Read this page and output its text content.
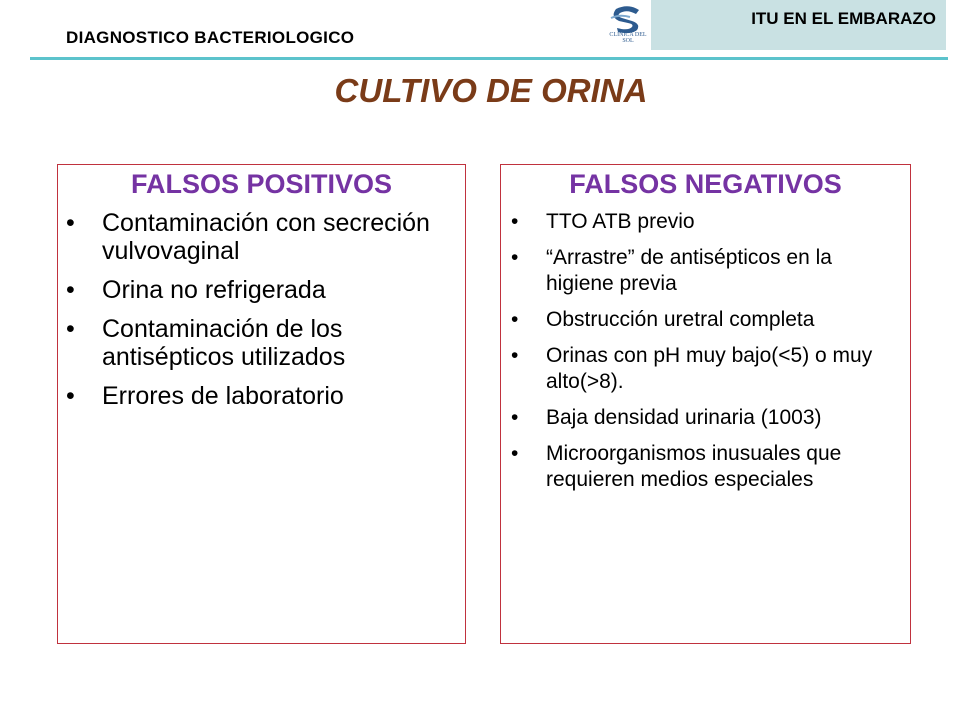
DIAGNOSTICO BACTERIOLOGICO	CLINICA DEL SOL
ITU EN EL EMBARAZO
CULTIVO DE ORINA
FALSOS POSITIVOS
• Contaminación con secreción vulvovaginal
• Orina no refrigerada
• Contaminación de los antisépticos utilizados
• Errores de laboratorio
FALSOS NEGATIVOS
• TTO ATB previo
• “Arrastre” de antisépticos en la higiene previa
• Obstrucción uretral completa
• Orinas con pH muy bajo(<5) o muy alto(>8).
• Baja densidad urinaria (1003)
• Microorganismos inusuales que requieren medios especiales
